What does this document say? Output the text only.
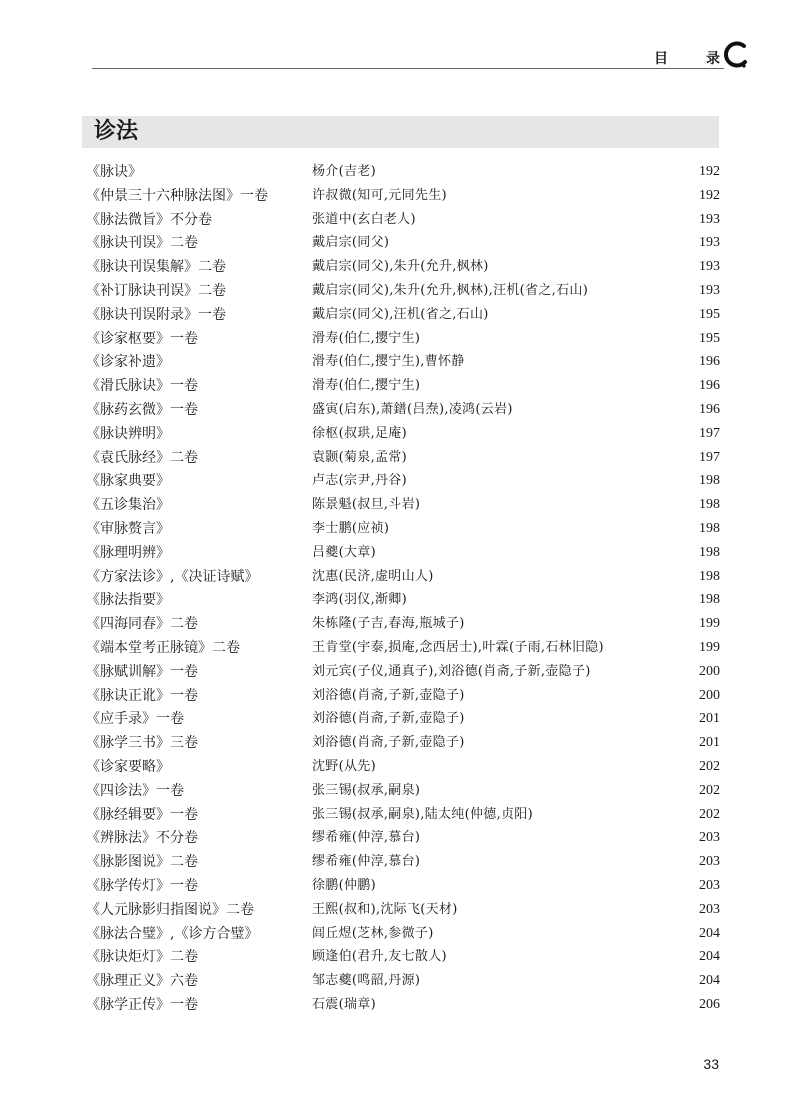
目	录
诊法
《脉诀》	杨介(吉老)	192
《仲景三十六种脉法图》一卷	许叔微(知可,元同先生)	192
《脉法微旨》不分卷	张道中(玄白老人)	193
《脉诀刊误》二卷	戴启宗(同父)	193
《脉诀刊误集解》二卷	戴启宗(同父),朱升(允升,枫林)	193
《补订脉诀刊误》二卷	戴启宗(同父),朱升(允升,枫林),汪机(省之,石山)	193
《脉诀刊误附录》一卷	戴启宗(同父),汪机(省之,石山)	195
《诊家枢要》一卷	滑寿(伯仁,撄宁生)	195
《诊家补遗》	滑寿(伯仁,撄宁生),曹怀静	196
《滑氏脉诀》一卷	滑寿(伯仁,撄宁生)	196
《脉药玄微》一卷	盛寅(启东),萧鐠(吕焘),凌鸿(云岩)	196
《脉诀辨明》	徐枢(叔珙,足庵)	197
《袁氏脉经》二卷	袁颢(菊泉,孟常)	197
《脉家典要》	卢志(宗尹,丹谷)	198
《五诊集治》	陈景魁(叔旦,斗岩)	198
《审脉赘言》	李士鹏(应祯)	198
《脉理明辨》	吕夔(大章)	198
《方家法诊》,《决证诗赋》	沈惠(民济,虚明山人)	198
《脉法指要》	李鸿(羽仪,渐卿)	198
《四海同春》二卷	朱栋隆(子吉,春海,瓶城子)	199
《端本堂考正脉镜》二卷	王肯堂(宇泰,损庵,念西居士),叶霖(子雨,石林旧隐)	199
《脉赋训解》一卷	刘元宾(子仪,通真子),刘浴德(肖斋,子新,壶隐子)	200
《脉诀正讹》一卷	刘浴德(肖斋,子新,壶隐子)	200
《应手录》一卷	刘浴德(肖斋,子新,壶隐子)	201
《脉学三书》三卷	刘浴德(肖斋,子新,壶隐子)	201
《诊家要略》	沈野(从先)	202
《四诊法》一卷	张三锡(叔承,嗣泉)	202
《脉经辑要》一卷	张三锡(叔承,嗣泉),陆太纯(仲德,贞阳)	202
《辨脉法》不分卷	缪希雍(仲淳,慕台)	203
《脉影图说》二卷	缪希雍(仲淳,慕台)	203
《脉学传灯》一卷	徐鹏(仲鹏)	203
《人元脉影归指图说》二卷	王熙(叔和),沈际飞(天材)	203
《脉法合璧》,《诊方合璧》	闾丘煜(芝林,参微子)	204
《脉诀炬灯》二卷	顾逢伯(君升,友七散人)	204
《脉理正义》六卷	邹志夔(鸣韶,丹源)	204
《脉学正传》一卷	石震(瑞章)	206
33
